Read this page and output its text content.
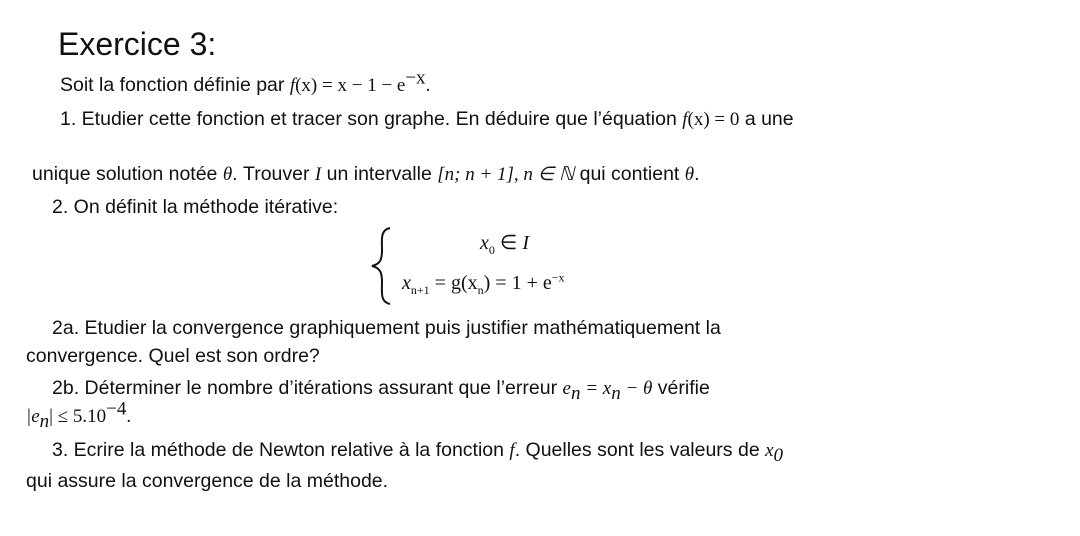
Exercice 3:
Soit la fonction définie par $f(x) = x - 1 - e^{-x}$.
1. Etudier cette fonction et tracer son graphe. En déduire que l’équation f(x) = 0 a une
unique solution notée θ. Trouver I un intervalle [n; n + 1], n ∈ ℕ qui contient θ.
2. On définit la méthode itérative:
$x_0$ ∈ I
$x_{n+1} = g(x_n) = 1 + e^{-x}$
2a. Etudier la convergence graphiquement puis justifier mathématiquement la
convergence. Quel est son ordre?
2b. Déterminer le nombre d’itérations assurant que l’erreur $e_n = x_n - \theta$ vérifie
$|e_n| \le 5.10^{-4}$.
3. Ecrire la méthode de Newton relative à la fonction f. Quelles sont les valeurs de $x_0$
qui assure la convergence de la méthode.
